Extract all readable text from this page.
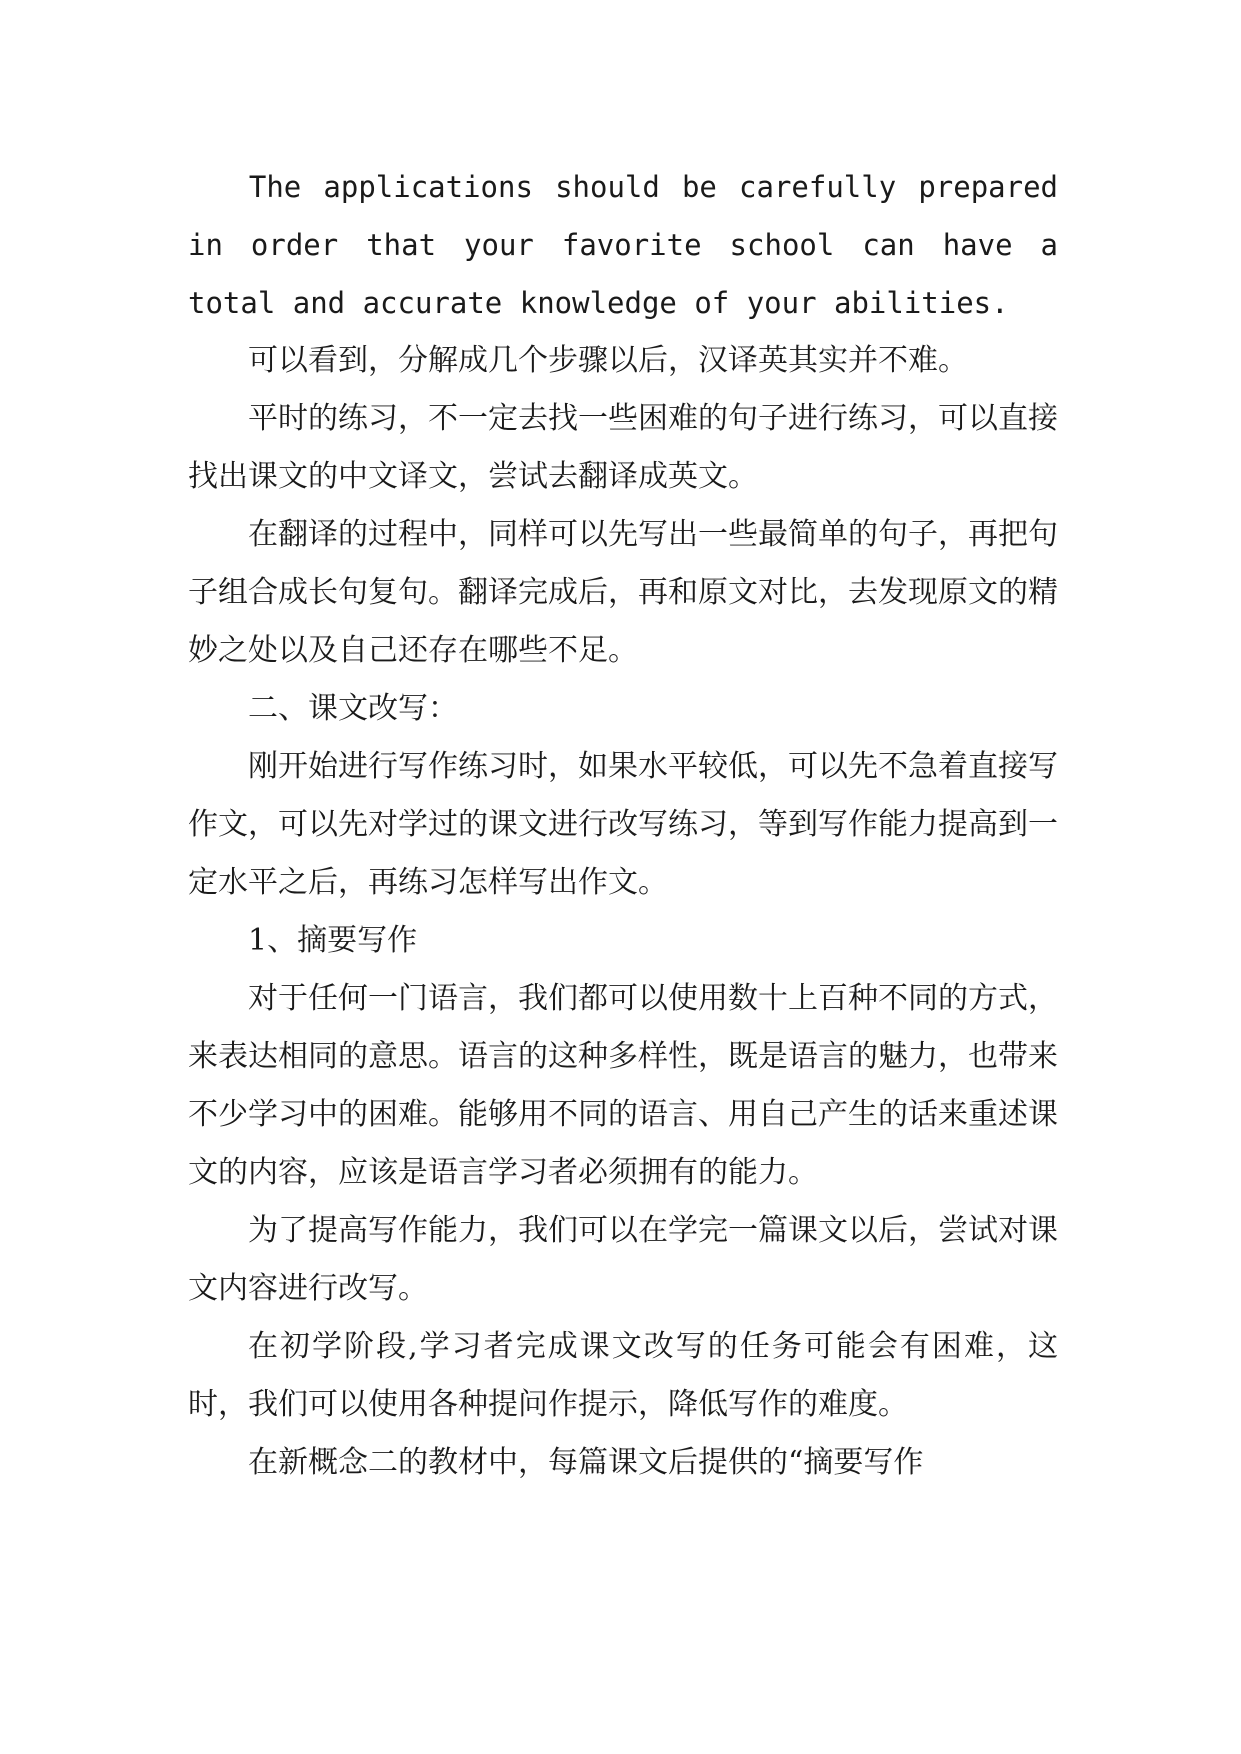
The applications should be carefully prepared in order that your favorite school can have a total and accurate knowledge of your abilities.

可以看到，分解成几个步骤以后，汉译英其实并不难。

平时的练习，不一定去找一些困难的句子进行练习，可以直接找出课文的中文译文，尝试去翻译成英文。

在翻译的过程中，同样可以先写出一些最简单的句子，再把句子组合成长句复句。翻译完成后，再和原文对比，去发现原文的精妙之处以及自己还存在哪些不足。

二、课文改写：

刚开始进行写作练习时，如果水平较低，可以先不急着直接写作文，可以先对学过的课文进行改写练习，等到写作能力提高到一定水平之后，再练习怎样写出作文。

1、摘要写作

对于任何一门语言，我们都可以使用数十上百种不同的方式，来表达相同的意思。语言的这种多样性，既是语言的魅力，也带来不少学习中的困难。能够用不同的语言、用自己产生的话来重述课文的内容，应该是语言学习者必须拥有的能力。

为了提高写作能力，我们可以在学完一篇课文以后，尝试对课文内容进行改写。

在初学阶段,学习者完成课文改写的任务可能会有困难，这时，我们可以使用各种提问作提示，降低写作的难度。

在新概念二的教材中，每篇课文后提供的“摘要写作
